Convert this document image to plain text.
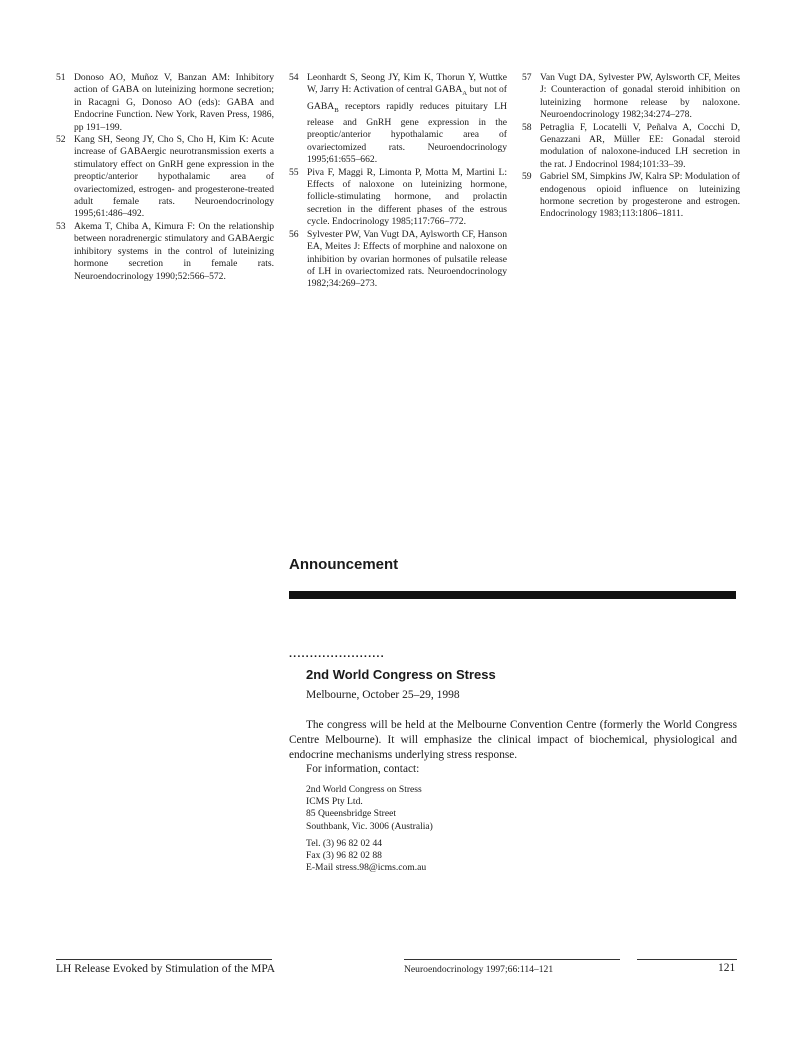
51 Donoso AO, Muñoz V, Banzan AM: Inhibitory action of GABA on luteinizing hormone secretion; in Racagni G, Donoso AO (eds): GABA and Endocrine Function. New York, Raven Press, 1986, pp 191–199.
52 Kang SH, Seong JY, Cho S, Cho H, Kim K: Acute increase of GABAergic neurotransmission exerts a stimulatory effect on GnRH gene expression in the preoptic/anterior hypothalamic area of ovariectomized, estrogen- and progesterone-treated adult female rats. Neuroendocrinology 1995;61:486–492.
53 Akema T, Chiba A, Kimura F: On the relationship between noradrenergic stimulatory and GABAergic inhibitory systems in the control of luteinizing hormone secretion in female rats. Neuroendocrinology 1990;52:566–572.
54 Leonhardt S, Seong JY, Kim K, Thorun Y, Wuttke W, Jarry H: Activation of central $GABA_A$ but not of $GABA_B$ receptors rapidly reduces pituitary LH release and GnRH gene expression in the preoptic/anterior hypothalamic area of ovariectomized rats. Neuroendocrinology 1995;61:655–662.
55 Piva F, Maggi R, Limonta P, Motta M, Martini L: Effects of naloxone on luteinizing hormone, follicle-stimulating hormone, and prolactin secretion in the different phases of the estrous cycle. Endocrinology 1985;117:766–772.
56 Sylvester PW, Van Vugt DA, Aylsworth CF, Hanson EA, Meites J: Effects of morphine and naloxone on inhibition by ovarian hormones of pulsatile release of LH in ovariectomized rats. Neuroendocrinology 1982;34:269–273.
57 Van Vugt DA, Sylvester PW, Aylsworth CF, Meites J: Counteraction of gonadal steroid inhibition on luteinizing hormone release by naloxone. Neuroendocrinology 1982;34:274–278.
58 Petraglia F, Locatelli V, Peñalva A, Cocchi D, Genazzani AR, Müller EE: Gonadal steroid modulation of naloxone-induced LH secretion in the rat. J Endocrinol 1984;101:33–39.
59 Gabriel SM, Simpkins JW, Kalra SP: Modulation of endogenous opioid influence on luteinizing hormone secretion by progesterone and estrogen. Endocrinology 1983;113:1806–1811.
Announcement
·······················
2nd World Congress on Stress
Melbourne, October 25–29, 1998
The congress will be held at the Melbourne Convention Centre (formerly the World Congress Centre Melbourne). It will emphasize the clinical impact of biochemical, physiological and endocrine mechanisms underlying stress response.
For information, contact:
2nd World Congress on Stress
ICMS Pty Ltd.
85 Queensbridge Street
Southbank, Vic. 3006 (Australia)
Tel. (3) 96 82 02 44
Fax (3) 96 82 02 88
E-Mail stress.98@icms.com.au
LH Release Evoked by Stimulation of the MPA	Neuroendocrinology 1997;66:114–121	121
